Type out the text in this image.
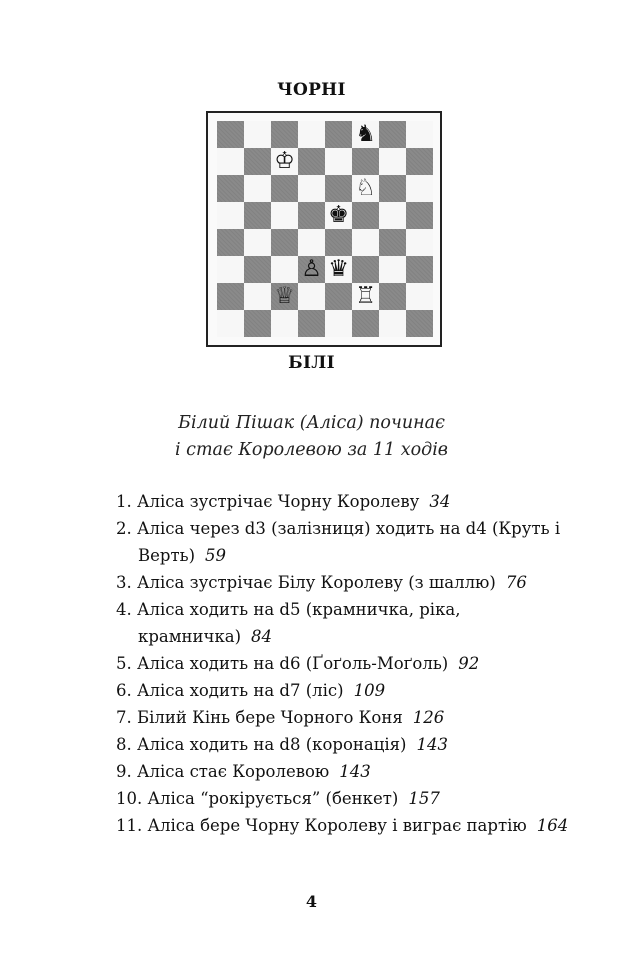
ЧОРНІ
♞
♔
♘
♚
♙ ♛
♕	♖
БІЛІ
Білий Пішак (Аліса) починає
і стає Королевою за 11 ходів
1. Аліса зустрічає Чорну Королеву 34
2. Аліса через d3 (залізниця) ходить на d4 (Круть і Верть) 59
3. Аліса зустрічає Білу Королеву (з шаллю) 76
4. Аліса ходить на d5 (крамничка, ріка, крамничка) 84
5. Аліса ходить на d6 (Ґоґоль-Моґоль) 92
6. Аліса ходить на d7 (ліс) 109
7. Білий Кінь бере Чорного Коня 126
8. Аліса ходить на d8 (коронація) 143
9. Аліса стає Королевою 143
10. Аліса “рокірується” (бенкет) 157
11. Аліса бере Чорну Королеву і виграє партію 164
4
